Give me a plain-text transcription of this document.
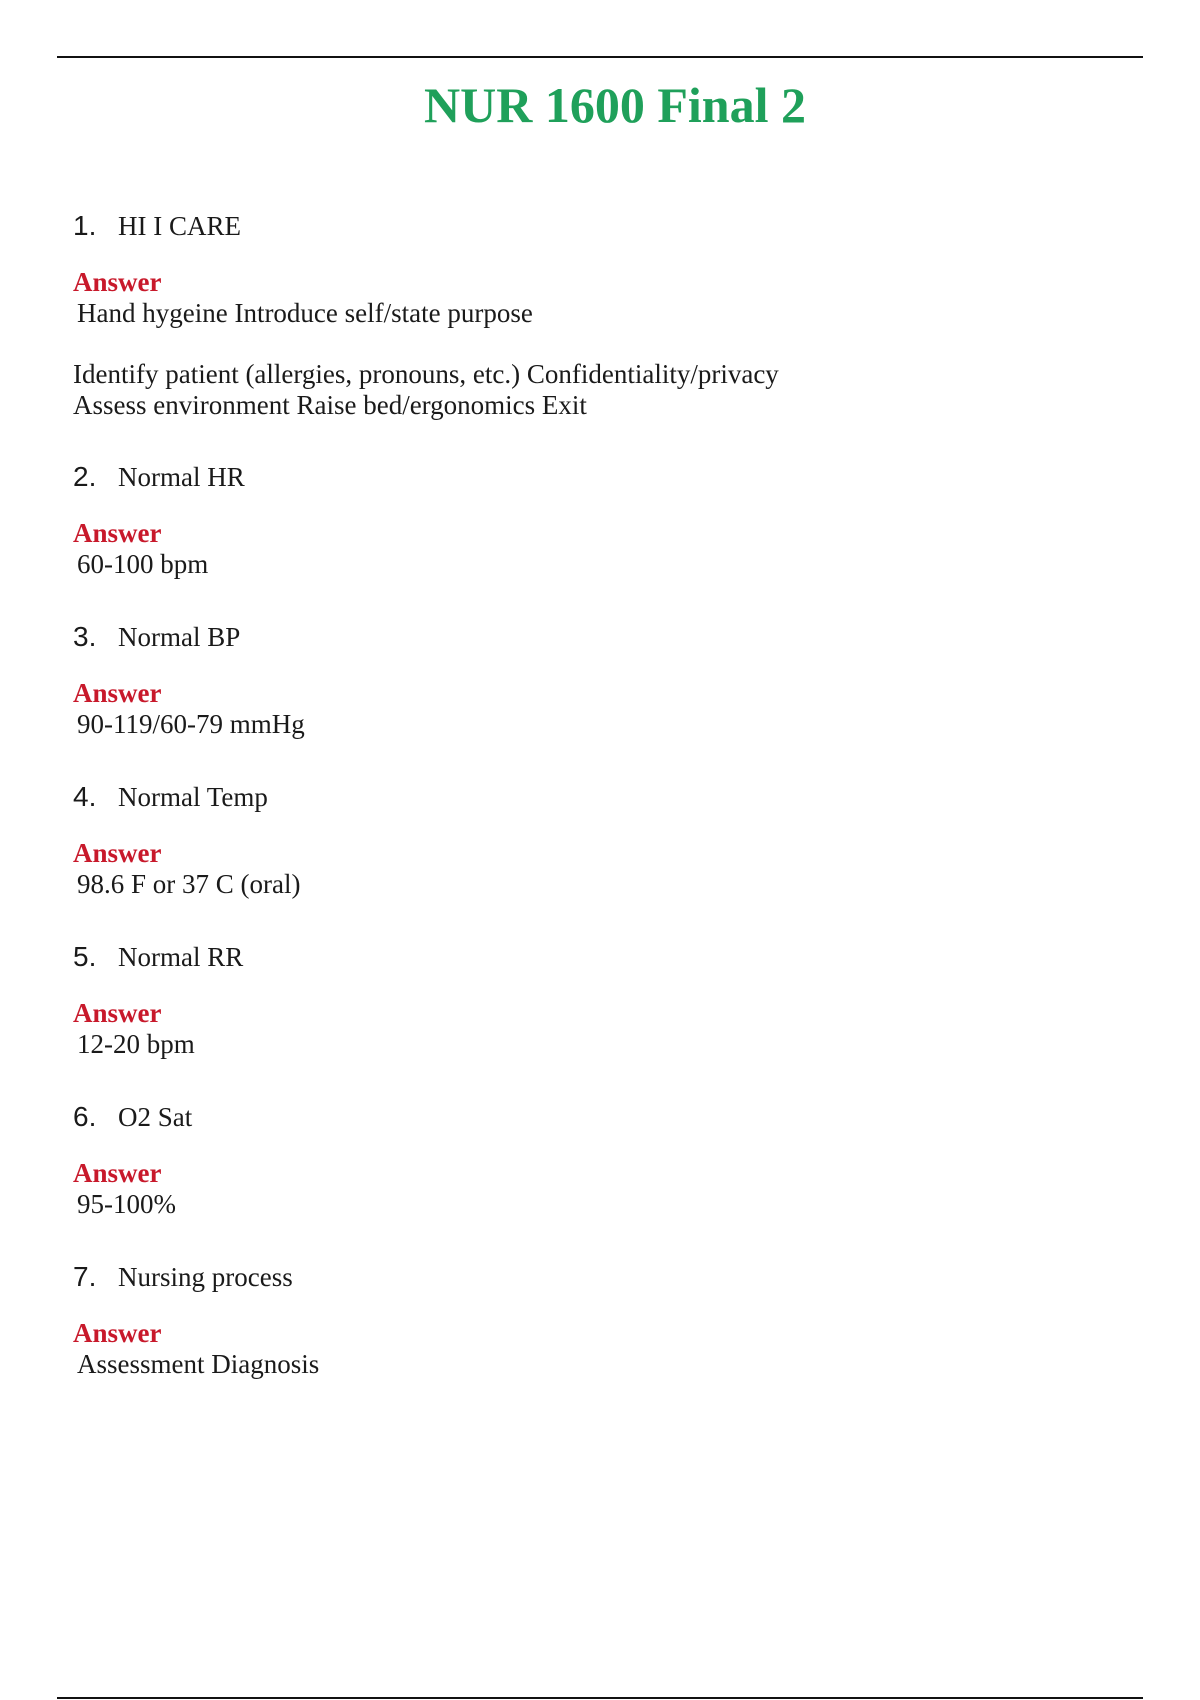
NUR 1600 Final 2
1. HI I CARE
Answer
Hand hygeine Introduce self/state purpose
Identify patient (allergies, pronouns, etc.) Confidentiality/privacy
Assess environment Raise bed/ergonomics Exit
2. Normal HR
Answer
60-100 bpm
3. Normal BP
Answer
90-119/60-79 mmHg
4. Normal Temp
Answer
98.6 F or 37 C (oral)
5. Normal RR
Answer
12-20 bpm
6. O2 Sat
Answer
95-100%
7. Nursing process
Answer
Assessment Diagnosis
